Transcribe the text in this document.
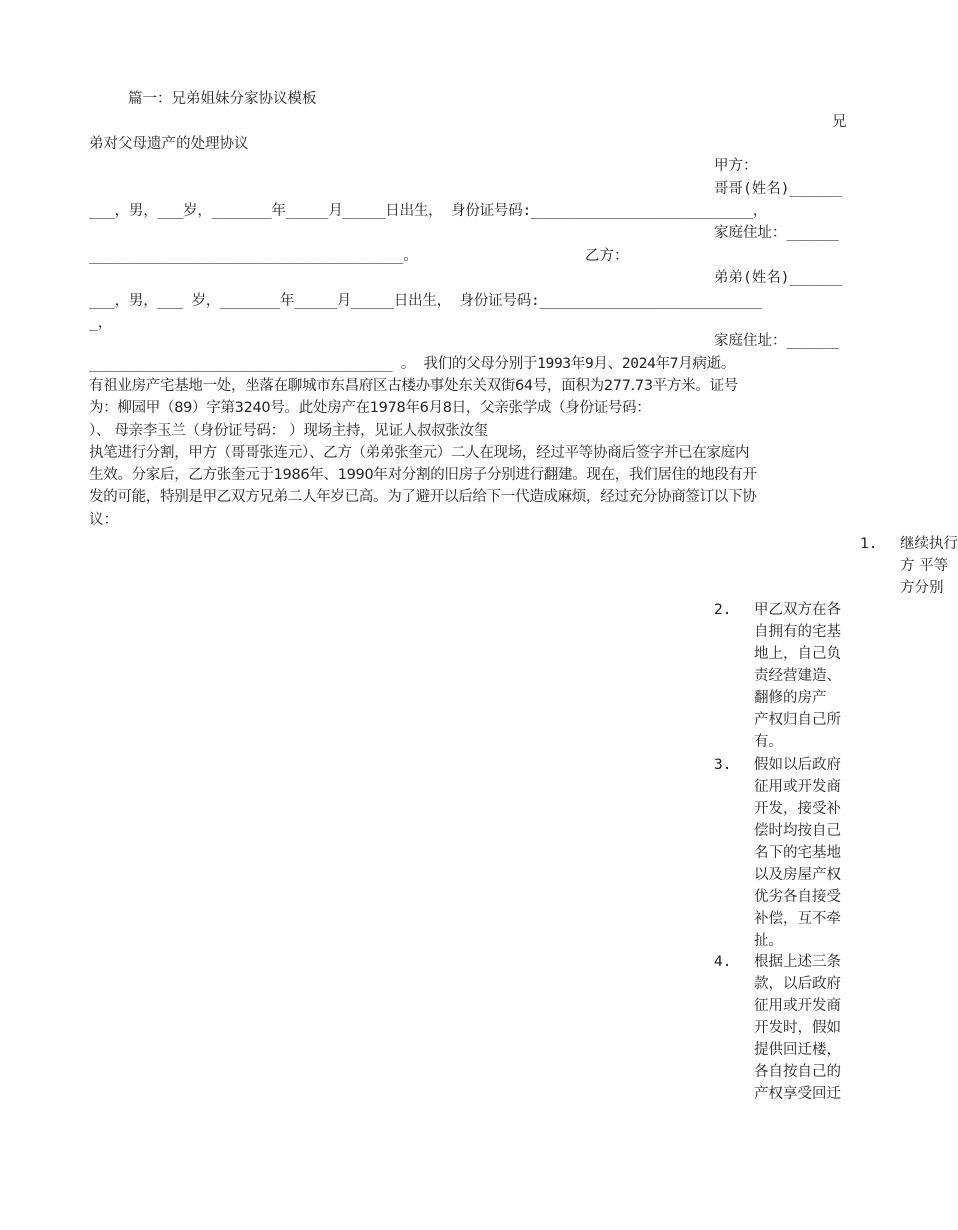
篇一：兄弟姐妹分家协议模板
兄
弟对父母遗产的处理协议
甲方：
哥哥(姓名)______
___，男，___岁，_______年_____月_____日出生， 身份证号码:__________________________，
家庭住址：______
____________________________________。	乙方：
弟弟(姓名)______
___，男，___ 岁，_______年_____月_____日出生， 身份证号码:__________________________
_，
家庭住址：______
____________________________________ 。 我们的父母分别于1993年9月、2024年7月病逝。
有祖业房产宅基地一处，坐落在聊城市东昌府区古楼办事处东关双街64号，面积为277.73平方米。证号
为：柳园甲（89）字第3240号。此处房产在1978年6月8日，父亲张学成（身份证号码：
）、 母亲李玉兰（身份证号码： ）现场主持，见证人叔叔张汝玺
执笔进行分割，甲方（哥哥张连元）、乙方（弟弟张奎元）二人在现场，经过平等协商后签字并已在家庭内
生效。分家后，乙方张奎元于1986年、1990年对分割的旧房子分别进行翻建。现在，我们居住的地段有开
发的可能，特别是甲乙双方兄弟二人年岁已高。为了避开以后给下一代造成麻烦，经过充分协商签订以下协
议：
1. 继续执行
方 平等
方分别
2. 甲乙双方在各
自拥有的宅基
地上，自己负
责经营建造、
翻修的房产
产权归自己所
有。
3. 假如以后政府
征用或开发商
开发，接受补
偿时均按自己
名下的宅基地
以及房屋产权
优劣各自接受
补偿，互不牵
扯。
4. 根据上述三条
款，以后政府
征用或开发商
开发时，假如
提供回迁楼，
各自按自己的
产权享受回迁
